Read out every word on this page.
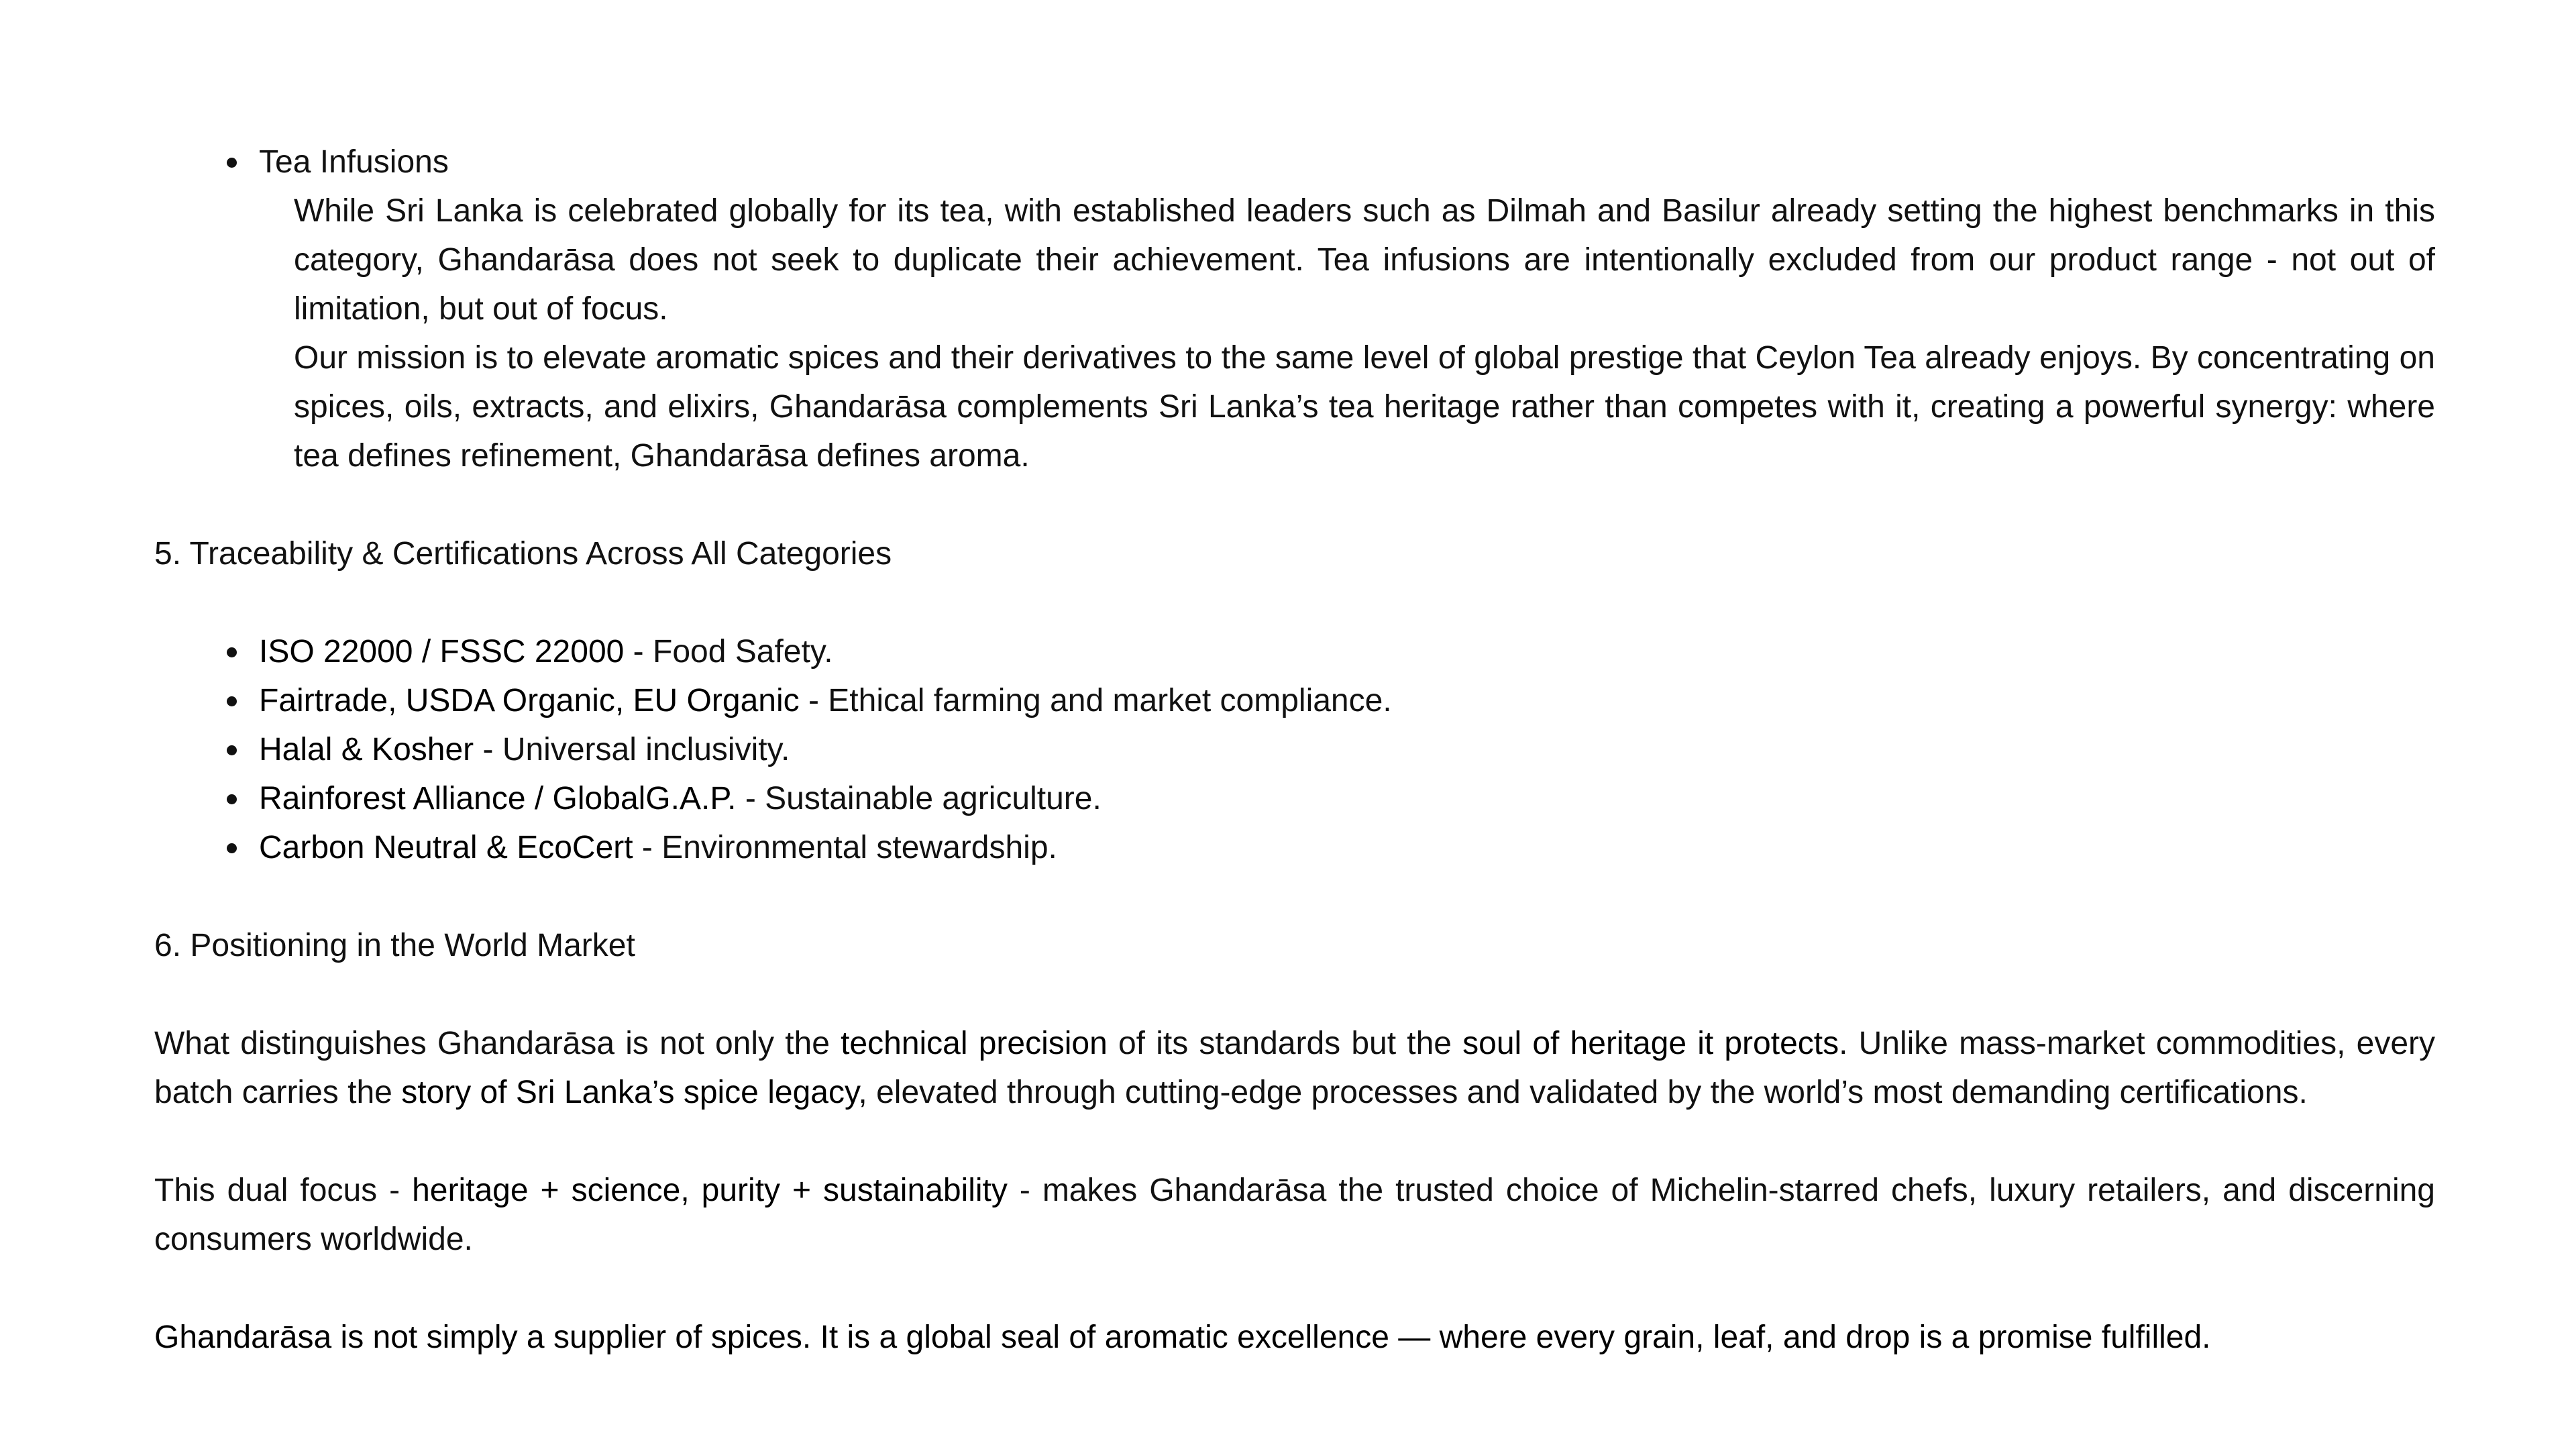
Tea Infusions
While Sri Lanka is celebrated globally for its tea, with established leaders such as Dilmah and Basilur already setting the highest benchmarks in this category, Ghandarāsa does not seek to duplicate their achievement. Tea infusions are intentionally excluded from our product range - not out of limitation, but out of focus.
Our mission is to elevate aromatic spices and their derivatives to the same level of global prestige that Ceylon Tea already enjoys. By concentrating on spices, oils, extracts, and elixirs, Ghandarāsa complements Sri Lanka’s tea heritage rather than competes with it, creating a powerful synergy: where tea defines refinement, Ghandarāsa defines aroma.
5. Traceability & Certifications Across All Categories
ISO 22000 / FSSC 22000 - Food Safety.
Fairtrade, USDA Organic, EU Organic - Ethical farming and market compliance.
Halal & Kosher - Universal inclusivity.
Rainforest Alliance / GlobalG.A.P. - Sustainable agriculture.
Carbon Neutral & EcoCert - Environmental stewardship.
6. Positioning in the World Market

What distinguishes Ghandarāsa is not only the technical precision of its standards but the soul of heritage it protects. Unlike mass-market commodities, every batch carries the story of Sri Lanka’s spice legacy, elevated through cutting-edge processes and validated by the world’s most demanding certifications.

This dual focus - heritage + science, purity + sustainability - makes Ghandarāsa the trusted choice of Michelin-starred chefs, luxury retailers, and discerning consumers worldwide.

Ghandarāsa is not simply a supplier of spices. It is a global seal of aromatic excellence — where every grain, leaf, and drop is a promise fulfilled.
